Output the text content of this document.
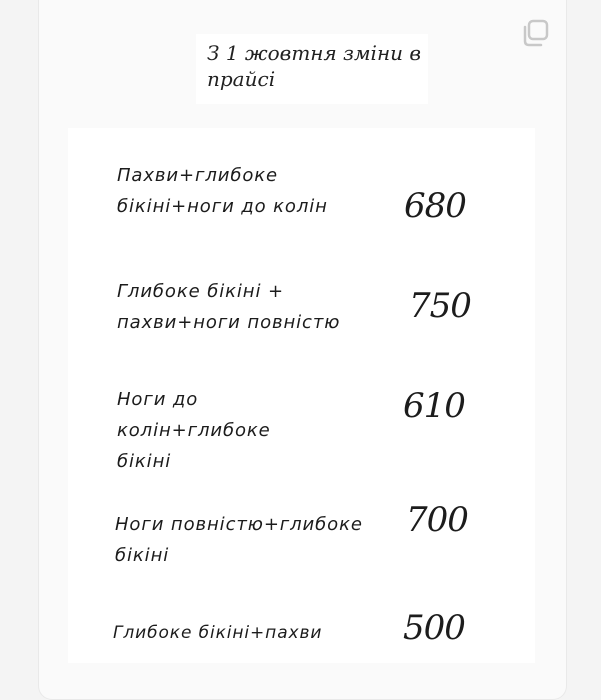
З 1 жовтня зміни в прайсі

Пахви+глибоке
бікіні+ноги до колін 680

Глибоке бікіні +
пахви+ноги повністю 750

Ноги до
колін+глибоке
бікіні

610

Ноги повністю+глибоке
бікіні

700

Глибоке бікіні+пахви 500
